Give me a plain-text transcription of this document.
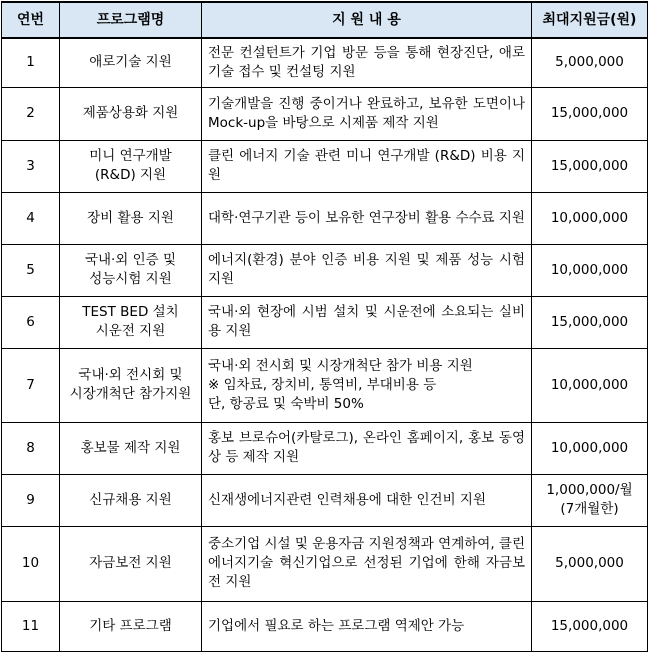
연번	프로그램명	지 원 내 용	최대지원금(원)
1	애로기술 지원	전문 컨설턴트가 기업 방문 등을 통해 현장진단, 애로기술 접수 및 컨설팅 지원	5,000,000
2	제품상용화 지원	기술개발을 진행 중이거나 완료하고, 보유한 도면이나 Mock-up을 바탕으로 시제품 제작 지원	15,000,000
3	미니 연구개발
(R&D) 지원	클린 에너지 기술 관련 미니 연구개발 (R&D) 비용 지원	15,000,000
4	장비 활용 지원	대학·연구기관 등이 보유한 연구장비 활용 수수료 지원	10,000,000
5	국내·외 인증 및
성능시험 지원	에너지(환경) 분야 인증 비용 지원 및 제품 성능 시험 지원	10,000,000
6	TEST BED 설치
시운전 지원	국내·외 현장에 시범 설치 및 시운전에 소요되는 실비용 지원	15,000,000
7	국내·외 전시회 및
시장개척단 참가지원	국내·외 전시회 및 시장개척단 참가 비용 지원
※ 임차료, 장치비, 통역비, 부대비용 등
단, 항공료 및 숙박비 50%	10,000,000
8	홍보물 제작 지원	홍보 브로슈어(카탈로그), 온라인 홈페이지, 홍보 동영상 등 제작 지원	10,000,000
9	신규채용 지원	신재생에너지관련 인력채용에 대한 인건비 지원	1,000,000/월
(7개월한)
10	자금보전 지원	중소기업 시설 및 운용자금 지원정책과 연계하여, 클린에너지기술 혁신기업으로 선정된 기업에 한해 자금보전 지원	5,000,000
11	기타 프로그램	기업에서 필요로 하는 프로그램 역제안 가능	15,000,000
